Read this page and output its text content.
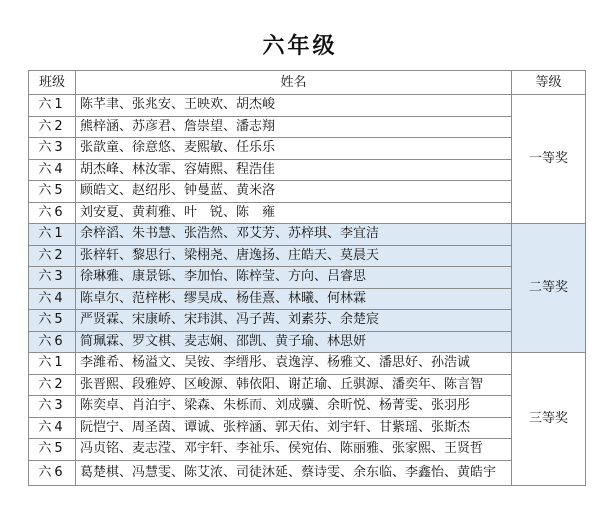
六年级
班级	姓名	等级
六1	陈芊聿、张兆安、王映欢、胡杰峻	一等奖
六2	熊梓涵、苏彦君、詹崇望、潘志翔	
六3	张歆童、徐意悠、麦熙敏、任乐乐	
六4	胡杰峰、林汝霏、容婧熙、程浩佳	
六5	顾皓文、赵绍彤、钟曼蓝、黄米洛	
六6	刘安夏、黄莉雅、叶　锐、陈　雍	
六1	余梓滔、朱书慧、张浩然、邓艾芳、苏梓琪、李宜洁	二等奖
六2	张梓轩、黎思行、梁栩尧、唐逸扬、庄皓天、莫晨天	
六3	徐琳雅、康景铄、李加怡、陈梓莹、方向、吕睿思	
六4	陈卓尔、范梓彬、缪昊成、杨佳熹、林曦、何林霖	
六5	严贤霖、宋康峤、宋玮淇、冯子茜、刘素芬、余楚宸	
六6	简珮霖、罗文棋、麦志娴、邵凯、黄子瑜、林思妍	
六1	李潍希、杨溢文、吴铵、李缙彤、袁逸淳、杨雅文、潘思好、孙浩诚	三等奖
六2	张晋熙、段雅婷、区峻源、韩依阳、谢芷瑜、丘骐源、潘奕年、陈言智	
六3	陈奕卓、肖泊宇、梁森、朱栎而、刘成骥、余昕悦、杨菁雯、张羽彤	
六4	阮恺宁、周圣茵、谭诚、张梓涵、郭天佑、刘宇轩、甘紫瑶、张斯杰	
六5	冯贞铭、麦志滢、邓宇轩、李祉乐、侯宛佑、陈丽雅、张家熙、王贤哲	
六6	葛楚棋、冯慧雯、陈艾浓、司徒沐延、蔡诗雯、余东临、李鑫怡、黄皓宇	
